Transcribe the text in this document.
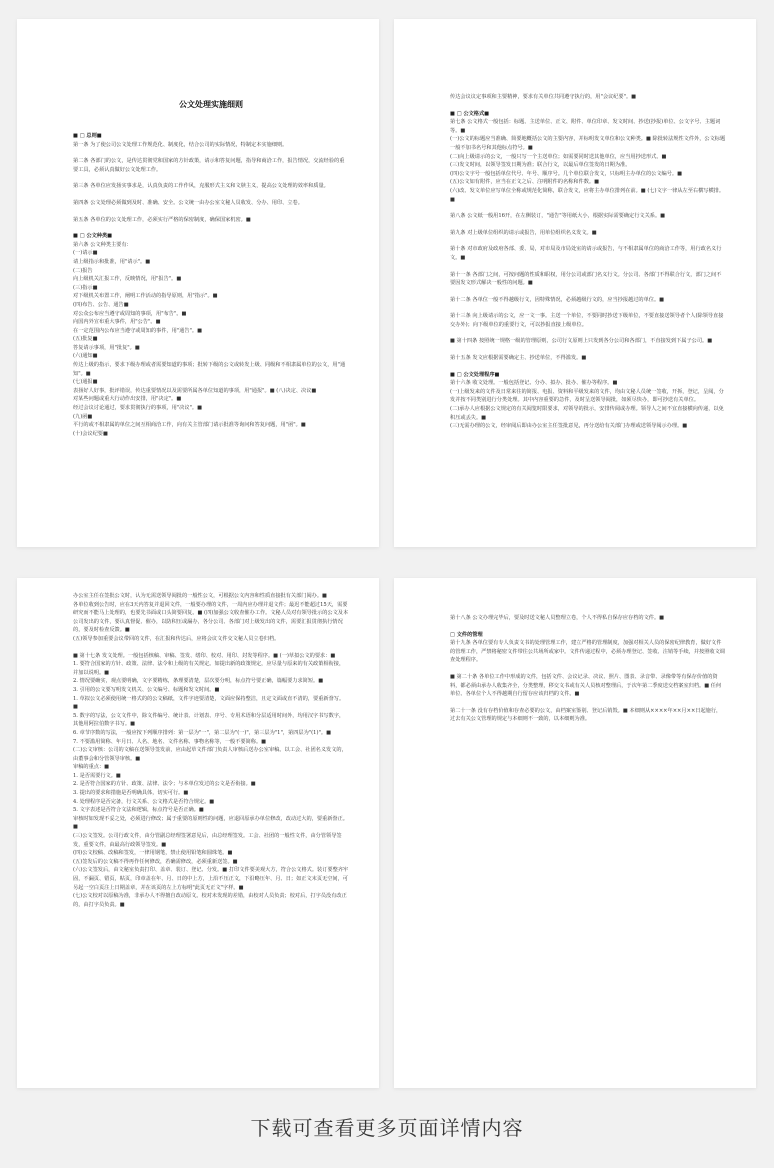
公文处理实施细则

■ □ 总则■

第一条 为了使公司公文处理工作规范化、制度化，结合公司的实际情况，特制定本实施细则。

第二条 各部门的公文，是传达贯彻党和国家的方针政策，请示和答复问题，指导和商洽工作，报告情况，交流经验的重要工具，必须认真做好公文处理工作。

第三条 各单位应发扬实事求是，认真负责的工作作风，克服形式主义和文牍主义，提高公文处理的效率和质量。

第四条 公文处理必须做到及时、准确、安全。公文统一由办公室文秘人员收发、分办、用印、立卷。

第五条 各单位的公文处理工作，必须实行严格的保密制度，确保国家机密。■

■ □ 公文种类■

第六条 公文种类主要有：

(一)请示■

请上级指示和批准，用"请示"。■

(二)报告

向上级机关汇报工作，反映情况，用"报告"。■

(三)指示■

对下级机关布置工作，阐明工作活动的指导原则，用"指示"。■

(四)布告、公告、通告■

对公众公布应当遵守或周知的事项，用"布告"。■

向国内外宣布重大事件，用"公告"。■

在一定范围内公布应当遵守或周知的事件，用"通告"。■

(五)批复■

答复请示事项，用"批复"。■

(六)通知■

传达上级的指示，要求下级办理或者需要知道的事项；批转下级的公文或转发上级、同级和不相隶属单位的公文，用"通知"。■

(七)通报■

表扬好人好事，批评错误，传达重要情况以及需要所属各单位知道的事项，用"通报"。■ (八)决定、决议■

对某些问题或重大行动作出安排，用"决定"。■

经过会议讨论通过，要求贯彻执行的事项，用"决议"。■

(九)函■

平行的或不相隶属的单位之间互相商洽工作，向有关主管部门请示批准等询问和答复问题，用"函"。■

(十)会议纪要■

传达会议议定事项和主要精神，要求有关单位共同遵守执行的，用"会议纪要"。■

■ □ 公文格式■

第七条 公文格式一般包括：标题、主送单位、正文、附件、单位印章、发文时间、抄送(抄报)单位、公文字号、主题词等。■

(一)公文的标题应当准确、简要地概括公文的主要内容，并标明发文单位和公文种类。■ 除批转法规性文件外，公文标题一般不加书名号和其他标点符号。■

(二)向上级请示的公文，一般只写一个主送单位；如需要同时送其他单位，应当用抄送形式。■

(三)发文时间，以领导签发日期为准；联合行文，以最后单位签发的日期为准。

(四)公文字号一般包括单位代号、年号、顺序号。几个单位联合发文，只标明主办单位的公文编号。■

(五)公文如有附件，应当在正文之后、注明附件的名称和件数。■

(六)改、发文单位应写单位全称或规范化简称，联合发文，应将主办单位排列在前。■ (七)文字一律从左至右横写横排。■

第八条 公文纸一般用16开，在左侧装订，"通告"等用纸大小，根据实际需要确定行文关系。■

第九条 对上级单位组织的请示或报告，用单位组织名义发文。■

第十条 对市政府及政府各部、委、局，对市局及市局处室的请示或报告，与不相隶属单位的商洽工作等，用行政名义行文。■

第十一条 各部门之间，可按问题的性质和职权，用分公司或部门名义行文。分公司、各部门不得联合行文，部门之间不要因发文形式解决一般性的问题。■

第十二条 各单位一般不得越级行文，因特殊情况，必须越级行文的，应当抄报越过的单位。■

第十三条 向上级请示的公文，应一文一事。主送一个单位，不要同时抄送下级单位，不要直接送领导者个人(除领导直接交办外)；向下级单位的重要行文，可以抄报直接上级单位。

■ 第十四条 按照统一规格一级的管理原则，公司行文原则上只发到各分公司和各部门，不直接发到下属子公司。■

第十五条 发文应根据需要确定主、抄送单位，不得滥发。■

■ □ 公文处理程序■

第十六条 收文处理。一般包括登记、分办、拟办、批办、催办等程序。■

(一)上级发来的文件及日常来往的简报、电报、资料和平级发来的文件，均由文秘人员统一签收，开拆，登记，呈阅，分发并按不同类别进行分类处理。其中内容重要的急件，及时呈送领导阅批，如须尽快办，即可抄送有关单位。

(二)承办人应根据公文规定的有关阅览时限要求，对领导的批示，安排传阅或办理。领导人之间不宜直接横向传递，以免积压或丢失。■

(三)无需办理的公文，经审阅后即由办公室主任签批意见，再分送给有关部门办理或送领导阅示办理。■

办公室主任在签批公文时，认为无需送领导阅批的一般性公文，可根据公文内容和性质直接批有关部门阅办。■

各单位收到公告时，应在3天内答复并退回文件，一般要办理的文件，一周内应办理并退文件；最迟不能超过15天，需要研究而不能马上处理的，也要先书面或口头简要回复。■ (四)加强公文收查催办工作。文秘人员对有领导批示的公文及本公司发出的文件，要认真督促、催办，以防积压或漏办，各分公司、各部门对上级发出的文件，需要汇报贯彻执行情况的，要及时检查反馈。■

(五)领导参加重要会议带回的文件，在汇报和传达后，应将会议文件交文秘人员立卷归档。

■ 第十七条 发文处理。一般包括核稿、审稿、签发、缮印、校对、用印、封发等程序。■ (一)草拟公文的要求：■

1. 要符合国家的方针、政策、法律、法令和上级的有关规定。如提出新的政策规定，应尽量与原来的有关政策相衔接，并加以说明。■

2. 情况要确实，观点要明确，文字要精练，条理要清楚，层次要分明，标点符号要正确，篇幅要力求简短。■

3. 引用的公文要写明发文机关、公文编号、标题和发文时间。■

1. 草拟公文必须使用统一格式的的公文稿纸，文件字迹要清楚，文面应保持整洁，且定文面或直不清的，要重新誊写。■

5. 数字的写法，公文文件中，除文件编号、统计表、计划表、序号、专用术语和分层适用时间外，均用汉字书写数字，其他用阿拉伯数字书写。■

6. 章节序数的写法，一般应按下列顺序排列：第一层为"一"，第二层为"(一)"，第三层为"1"，第四层为"(1)"。■

7. 不要滥用简称、年月日、人名、地名、文件名称、事物名称等，一般不要简称。■

(二)公文审核：公司的文稿在送领导签发前，应由起草文件部门负责人审核后送办公室审稿。以工会、社团名义发文的，由董事会和分管领导审核。■

审稿的重点：■

1. 是否需要行文。■

2. 是否符合国家的方针、政策、法律、法令；与本单位发过的公文是否衔接。■

3. 提出的要求和措施是否明确具体，切实可行。■

4. 处理程序是否完备，行文关系、公文格式是否符合规定。■

5. 文字表述是否符合文法和逻辑，标点符号是否正确。■

审核时如发现不妥之处，必须进行修改；属于重要的原则性的问题，应退回原承办单位修改，改动过大的，要重新誊正。■

(三)公文签发。公司行政文件，由分管副总经理签署意见后，由总经理签发。工会、社团的一般性文件，由分管领导签发，重要文件，由最高行政领导签发。■

(四)公文校稿、改稿和签发，一律用钢笔，禁止使用铅笔和圆珠笔。■

(五)签发后的公文稿不得再作任何修改，若确需修改，必须重新送签。■

(六)公文签发后，由文秘室负责打印、盖章、装订、登记、分发。■ 打印文件要美观大方，符合公文格式。装订要整齐牢固，不漏页、错页，粘页，印章盖在年、月、日的中上方，上沿不压正文，下沿略压年、月、日；如正文末页无空间，可另起一空白页注上日期盖章，并在该页的左上方标明"此页无正文"字样。■

(七)公文校对以原稿为准，非承办人不得擅自改动原文。校对未发现的差错，由校对人员负责；校对后，打字员没有改正的，由打字员负责。■

第十八条 公文办理完毕后，要及时送文秘人员整理立卷，个人不得私自保存应存档的文件。■

□ 文件的管理

第十九条 各单位要有专人负责文书的处理管理工作，建立严格的管理制度，加强对相关人员的保密纪律教育，做好文件的管理工作，严禁将秘密文件带往公共场所或家中。文件传递过程中，必须办理登记、签收、注销等手续，并按照收文调查处理程序。

■ 第二十条 各单位工作中形成的文件，包括文件、会议记录、决议、照片、图表、录音带、录像带等有保存价值的资料，都必须由承办人收集齐全，分类整理，移交文书或有关人员核对整理后，于次年第二季度送交档案室归档。■ 任何单位、各单位个人不得越期自行留存应该归档的文件。■

第二十一条 没有存档价值和存查必要的公文，由档案室鉴别、登记后销毁。■ 本细则从××××年××月××日起施行，过去有关公文管理的规定与本细则不一致的，以本细则为准。

下载可查看更多页面详情内容
